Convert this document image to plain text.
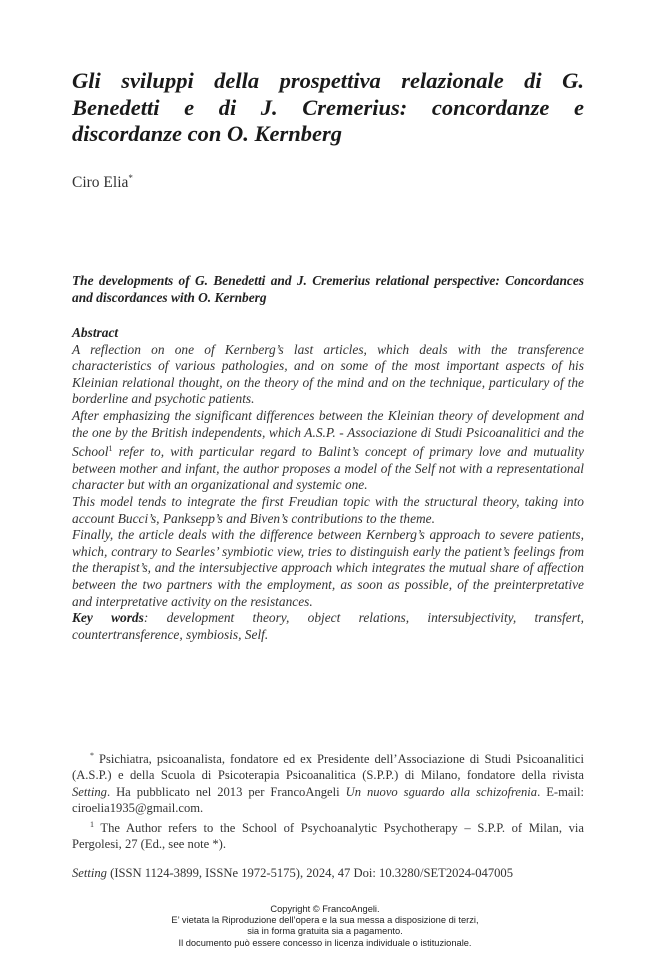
Gli sviluppi della prospettiva relazionale di G. Benedetti e di J. Cremerius: concordanze e discordanze con O. Kernberg
Ciro Elia*
The developments of G. Benedetti and J. Cremerius relational perspective: Concordances and discordances with O. Kernberg

Abstract

A reflection on one of Kernberg’s last articles, which deals with the transference characteristics of various pathologies, and on some of the most important aspects of his Kleinian relational thought, on the theory of the mind and on the technique, particulary of the borderline and psychotic patients.

After emphasizing the significant differences between the Kleinian theory of development and the one by the British independents, which A.S.P. - Associazione di Studi Psicoanalitici and the School$^1$ refer to, with particular regard to Balint’s concept of primary love and mutuality between mother and infant, the author proposes a model of the Self not with a representational character but with an organizational and systemic one.

This model tends to integrate the first Freudian topic with the structural theory, taking into account Bucci’s, Panksepp’s and Biven’s contributions to the theme.

Finally, the article deals with the difference between Kernberg’s approach to severe patients, which, contrary to Searles’ symbiotic view, tries to distinguish early the patient’s feelings from the therapist’s, and the intersubjective approach which integrates the mutual share of affection between the two partners with the employment, as soon as possible, of the preinterpretative and interpretative activity on the resistances.

Key words: development theory, object relations, intersubjectivity, transfert, countertransference, symbiosis, Self.

* Psichiatra, psicoanalista, fondatore ed ex Presidente dell’Associazione di Studi Psicoanalitici (A.S.P.) e della Scuola di Psicoterapia Psicoanalitica (S.P.P.) di Milano, fondatore della rivista Setting. Ha pubblicato nel 2013 per FrancoAngeli Un nuovo sguardo alla schizofrenia. E-mail: ciroelia1935@gmail.com.

$^1$ The Author refers to the School of Psychoanalytic Psychotherapy – S.P.P. of Milan, via Pergolesi, 27 (Ed., see note *).

Setting (ISSN 1124-3899, ISSNe 1972-5175), 2024, 47 Doi: 10.3280/SET2024-047005
Copyright © FrancoAngeli.
E’ vietata la Riproduzione dell’opera e la sua messa a disposizione di terzi,
sia in forma gratuita sia a pagamento.
Il documento può essere concesso in licenza individuale o istituzionale.
